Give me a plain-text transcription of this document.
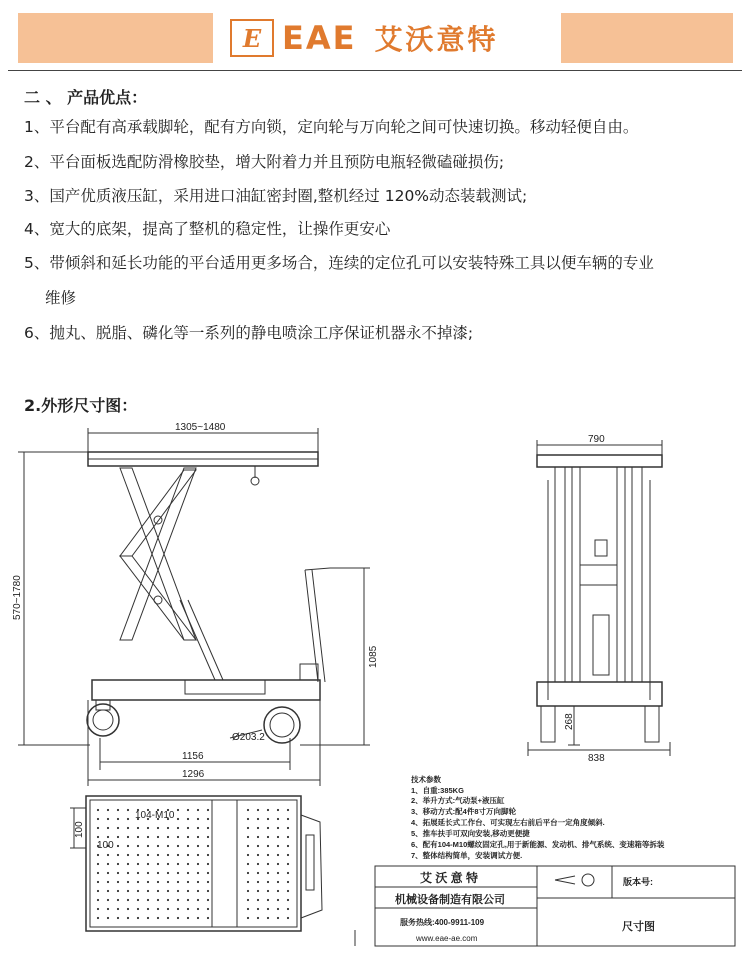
E EAE 艾沃意特
二 、 产品优点：
1、平台配有高承载脚轮，配有方向锁，定向轮与万向轮之间可快速切换。移动轻便自由。
2、平台面板选配防滑橡胶垫，增大附着力并且预防电瓶轻微磕碰损伤;
3、国产优质液压缸，采用进口油缸密封圈,整机经过 120%动态装载测试;
4、宽大的底架，提高了整机的稳定性，让操作更安心
5、带倾斜和延长功能的平台适用更多场合，连续的定位孔可以安装特殊工具以便车辆的专业
维修
6、抛丸、脱脂、磷化等一系列的静电喷涂工序保证机器永不掉漆;
2.外形尺寸图：
1305~1480
570~1780
1085
Ø203.2
1156
1296
790
838
268
104-M10
100
100
技术参数
1、自重:385KG
2、举升方式:气动泵+液压缸
3、移动方式:配4件8寸万向脚轮
4、拓展延长式工作台、可实现左右前后平台一定角度倾斜.
5、推车扶手可双向安装,移动更便捷
6、配有104-M10螺纹固定孔,用于新能源、发动机、排气系统、变速箱等拆装
7、整体结构简单，安装调试方便.
艾 沃 意 特
机械设备制造有限公司
服务热线:400-9911-109
www.eae-ae.com
版本号:
尺寸图
